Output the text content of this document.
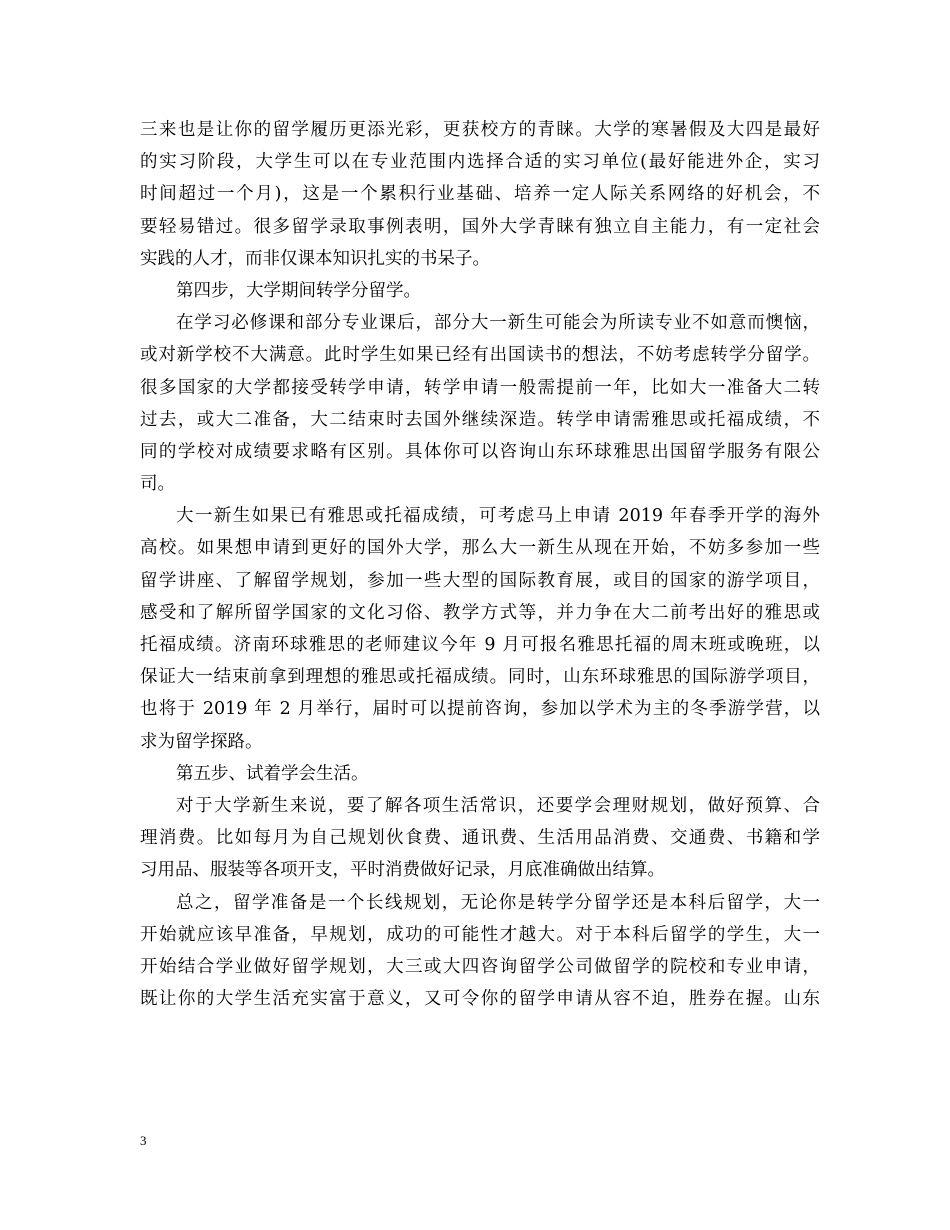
三来也是让你的留学履历更添光彩，更获校方的青睐。大学的寒暑假及大四是最好
的实习阶段，大学生可以在专业范围内选择合适的实习单位(最好能进外企，实习
时间超过一个月)，这是一个累积行业基础、培养一定人际关系网络的好机会，不
要轻易错过。很多留学录取事例表明，国外大学青睐有独立自主能力，有一定社会
实践的人才，而非仅课本知识扎实的书呆子。
第四步，大学期间转学分留学。
在学习必修课和部分专业课后，部分大一新生可能会为所读专业不如意而懊恼，
或对新学校不大满意。此时学生如果已经有出国读书的想法，不妨考虑转学分留学。
很多国家的大学都接受转学申请，转学申请一般需提前一年，比如大一准备大二转
过去，或大二准备，大二结束时去国外继续深造。转学申请需雅思或托福成绩，不
同的学校对成绩要求略有区别。具体你可以咨询山东环球雅思出国留学服务有限公
司。
大一新生如果已有雅思或托福成绩，可考虑马上申请 2019 年春季开学的海外
高校。如果想申请到更好的国外大学，那么大一新生从现在开始，不妨多参加一些
留学讲座、了解留学规划，参加一些大型的国际教育展，或目的国家的游学项目，
感受和了解所留学国家的文化习俗、教学方式等，并力争在大二前考出好的雅思或
托福成绩。济南环球雅思的老师建议今年 9 月可报名雅思托福的周末班或晚班，以
保证大一结束前拿到理想的雅思或托福成绩。同时，山东环球雅思的国际游学项目，
也将于 2019 年 2 月举行，届时可以提前咨询，参加以学术为主的冬季游学营，以
求为留学探路。
第五步、试着学会生活。
对于大学新生来说，要了解各项生活常识，还要学会理财规划，做好预算、合
理消费。比如每月为自己规划伙食费、通讯费、生活用品消费、交通费、书籍和学
习用品、服装等各项开支，平时消费做好记录，月底准确做出结算。
总之，留学准备是一个长线规划，无论你是转学分留学还是本科后留学，大一
开始就应该早准备，早规划，成功的可能性才越大。对于本科后留学的学生，大一
开始结合学业做好留学规划，大三或大四咨询留学公司做留学的院校和专业申请，
既让你的大学生活充实富于意义，又可令你的留学申请从容不迫，胜券在握。山东
3
